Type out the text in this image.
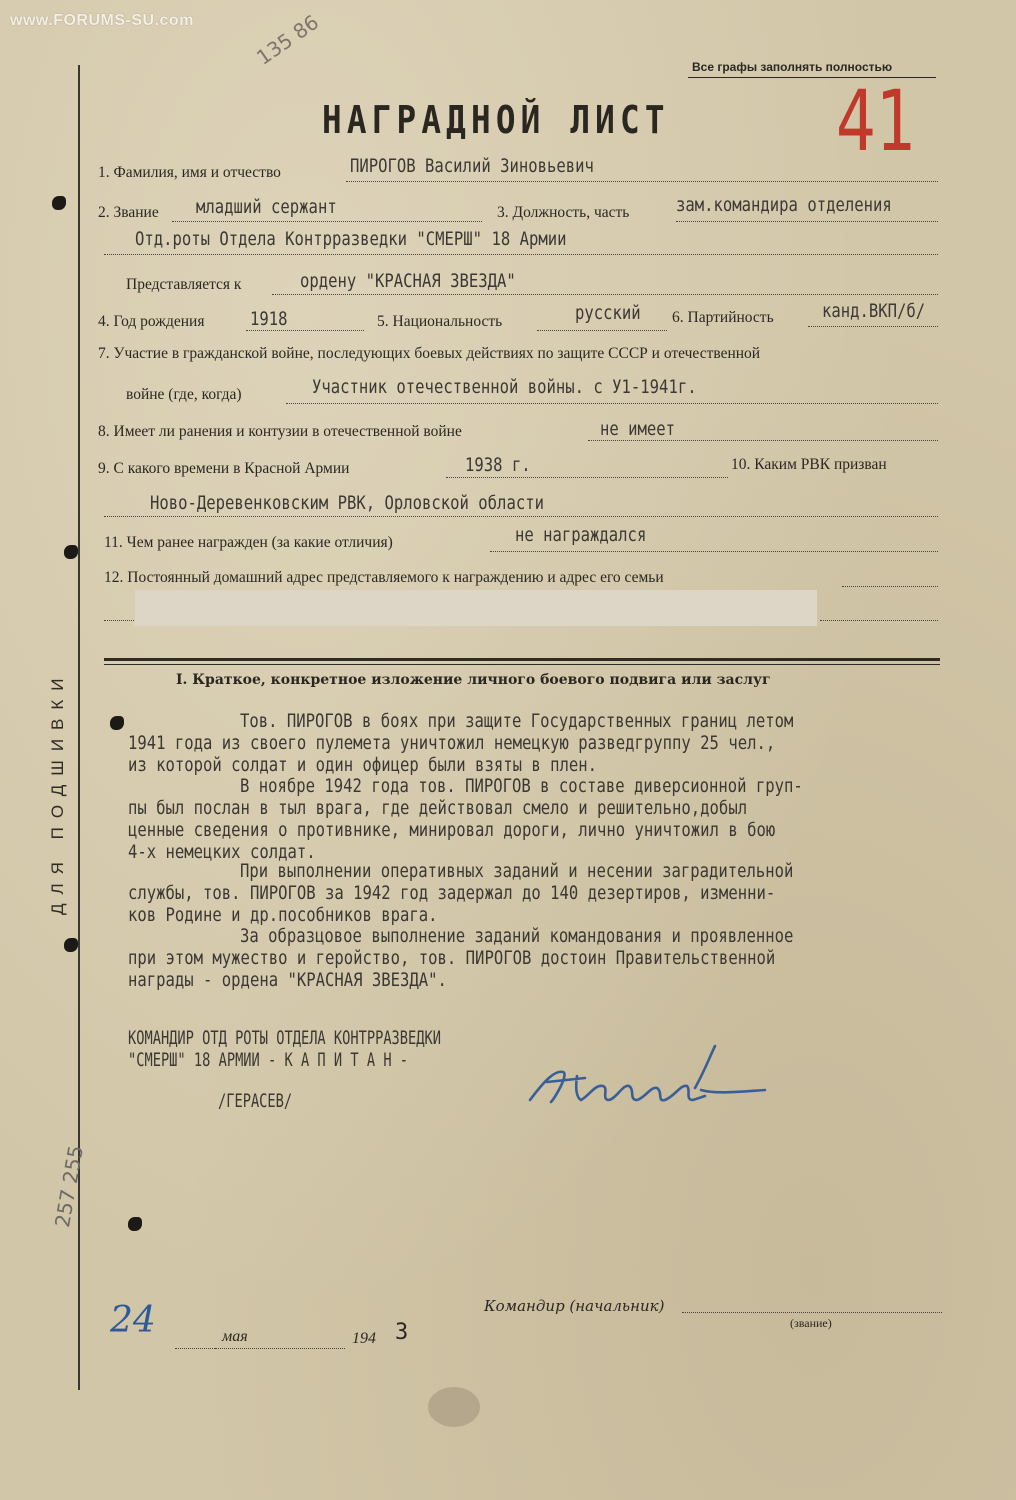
www.FORUMS-SU.com
ДЛЯ ПОДШИВКИ
135 86	Все графы заполнять полностью
41
НАГРАДНОЙ ЛИСТ
1. Фамилия, имя и отчество	ПИРОГОВ Василий Зиновьевич
2. Звание младший сержант	3. Должность, часть зам.командира отделения
Отд.роты Отдела Контрразведки "СМЕРШ" 18 Армии
Представляется к	ордену "КРАСНАЯ ЗВЕЗДА"
4. Год рождения 1918	5. Национальность	русский 6. Партийность	канд.ВКП/б/
7. Участие в гражданской войне, последующих боевых действиях по защите СССР и отечественной
войне (где, когда)	Участник отечественной войны. с У1-1941г.
8. Имеет ли ранения и контузии в отечественной войне	не имеет
9. С какого времени в Красной Армии	1938 г.	10. Каким РВК призван
Ново-Деревенковским РВК, Орловской области
11. Чем ранее награжден (за какие отличия)	не награждался
12. Постоянный домашний адрес представляемого к награждению и адрес его семьи
I. Краткое, конкретное изложение личного боевого подвига или заслуг
Тов. ПИРОГОВ в боях при защите Государственных границ летом
1941 года из своего пулемета уничтожил немецкую разведгруппу 25 чел.,
из которой солдат и один офицер были взяты в плен.
В ноябре 1942 года тов. ПИРОГОВ в составе диверсионной груп-
пы был послан в тыл врага, где действовал смело и решительно,добыл
ценные сведения о противнике, минировал дороги, лично уничтожил в бою
4-х немецких солдат.
При выполнении оперативных заданий и несении заградительной
службы, тов. ПИРОГОВ за 1942 год задержал до 140 дезертиров, изменни-
ков Родине и др.пособников врага.
За образцовое выполнение заданий командования и проявленное
при этом мужество и геройство, тов. ПИРОГОВ достоин Правительственной
награды - ордена "КРАСНАЯ ЗВЕЗДА".
КОМАНДИР ОТД РОТЫ ОТДЕЛА КОНТРРАЗВЕДКИ
"СМЕРШ" 18 АРМИИ - К А П И Т А Н -
/ГЕРАСЕВ/
24	мая	194 3
Командир (начальник)
(звание)
257 255
